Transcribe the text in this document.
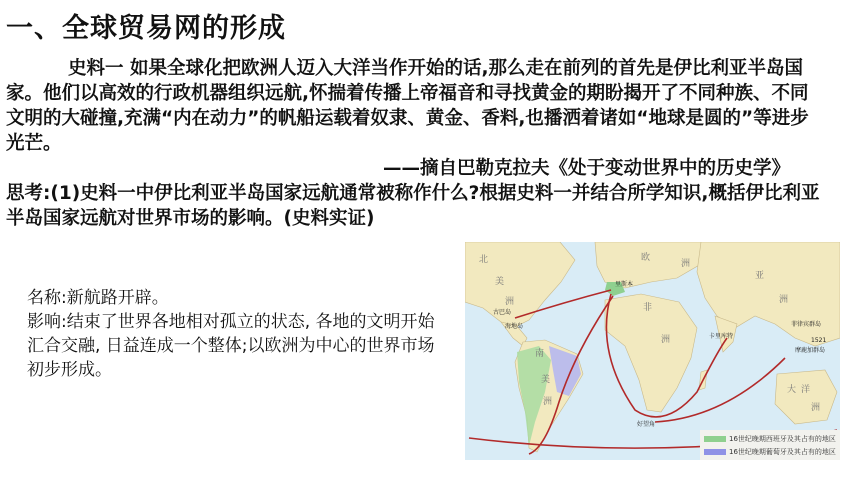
一、全球贸易网的形成

史料一 如果全球化把欧洲人迈入大洋当作开始的话,那么走在前列的首先是伊比利亚半岛国家。他们以高效的行政机器组织远航,怀揣着传播上帝福音和寻找黄金的期盼揭开了不同种族、不同文明的大碰撞,充满“内在动力”的帆船运载着奴隶、黄金、香料,也播洒着诸如“地球是圆的”等进步光芒。

——摘自巴勒克拉夫《处于变动世界中的历史学》

思考:(1)史料一中伊比利亚半岛国家远航通常被称作什么?根据史料一并结合所学知识,概括伊比利亚半岛国家远航对世界市场的影响。(史料实证)

名称:新航路开辟。

影响:结束了世界各地相对孤立的状态, 各地的文明开始汇合交融, 日益连成一个整体;以欧洲为中心的世界市场初步形成。

北
美
洲
南
美
洲
欧
洲
非
洲
亚
洲
大 洋
洲
古巴岛
海地岛
里斯本
卡里库特
菲律宾群岛
摩鹿加群岛
好望角
1521
16世纪晚期西班牙及其占有的地区
16世纪晚期葡萄牙及其占有的地区
